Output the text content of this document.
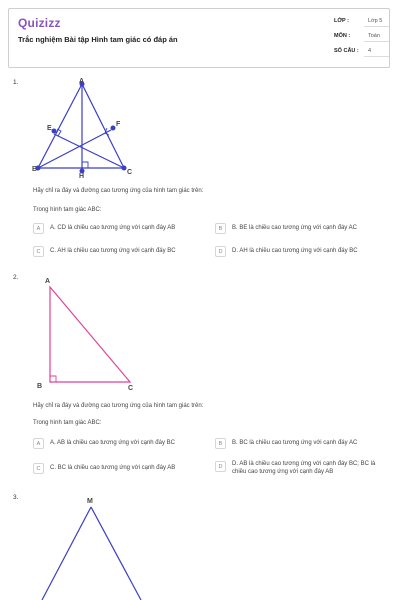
Quizizz
Trắc nghiệm Bài tập Hình tam giác có đáp án
LỚP :	Lớp 5
MÔN :	Toán
SỐ CÂU : 4
1.	A
E
F
B
H
C
Hãy chỉ ra đáy và đường cao tương ứng của hình tam giác trên:
Trong hình tam giác ABC:
A	A. CD là chiều cao tương ứng với cạnh đáy AB	B	B. BE là chiều cao tương ứng với cạnh đáy AC
C	C. AH là chiều cao tương ứng với cạnh đáy BC	D	D. AH là chiều cao tương ứng với cạnh đáy BC
2.
A
B	C
Hãy chỉ ra đáy và đường cao tương ứng của hình tam giác trên:
Trong hình tam giác ABC:
A	A. AB là chiều cao tương ứng với cạnh đáy BC	B	B. BC là chiều cao tương ứng với cạnh đáy AC
C	C. BC là chiều cao tương ứng với cạnh đáy AB	D	D. AB là chiều cao tương ứng với cạnh đáy BC; BC là chiều cao tương ứng với cạnh đáy AB
3.
M
